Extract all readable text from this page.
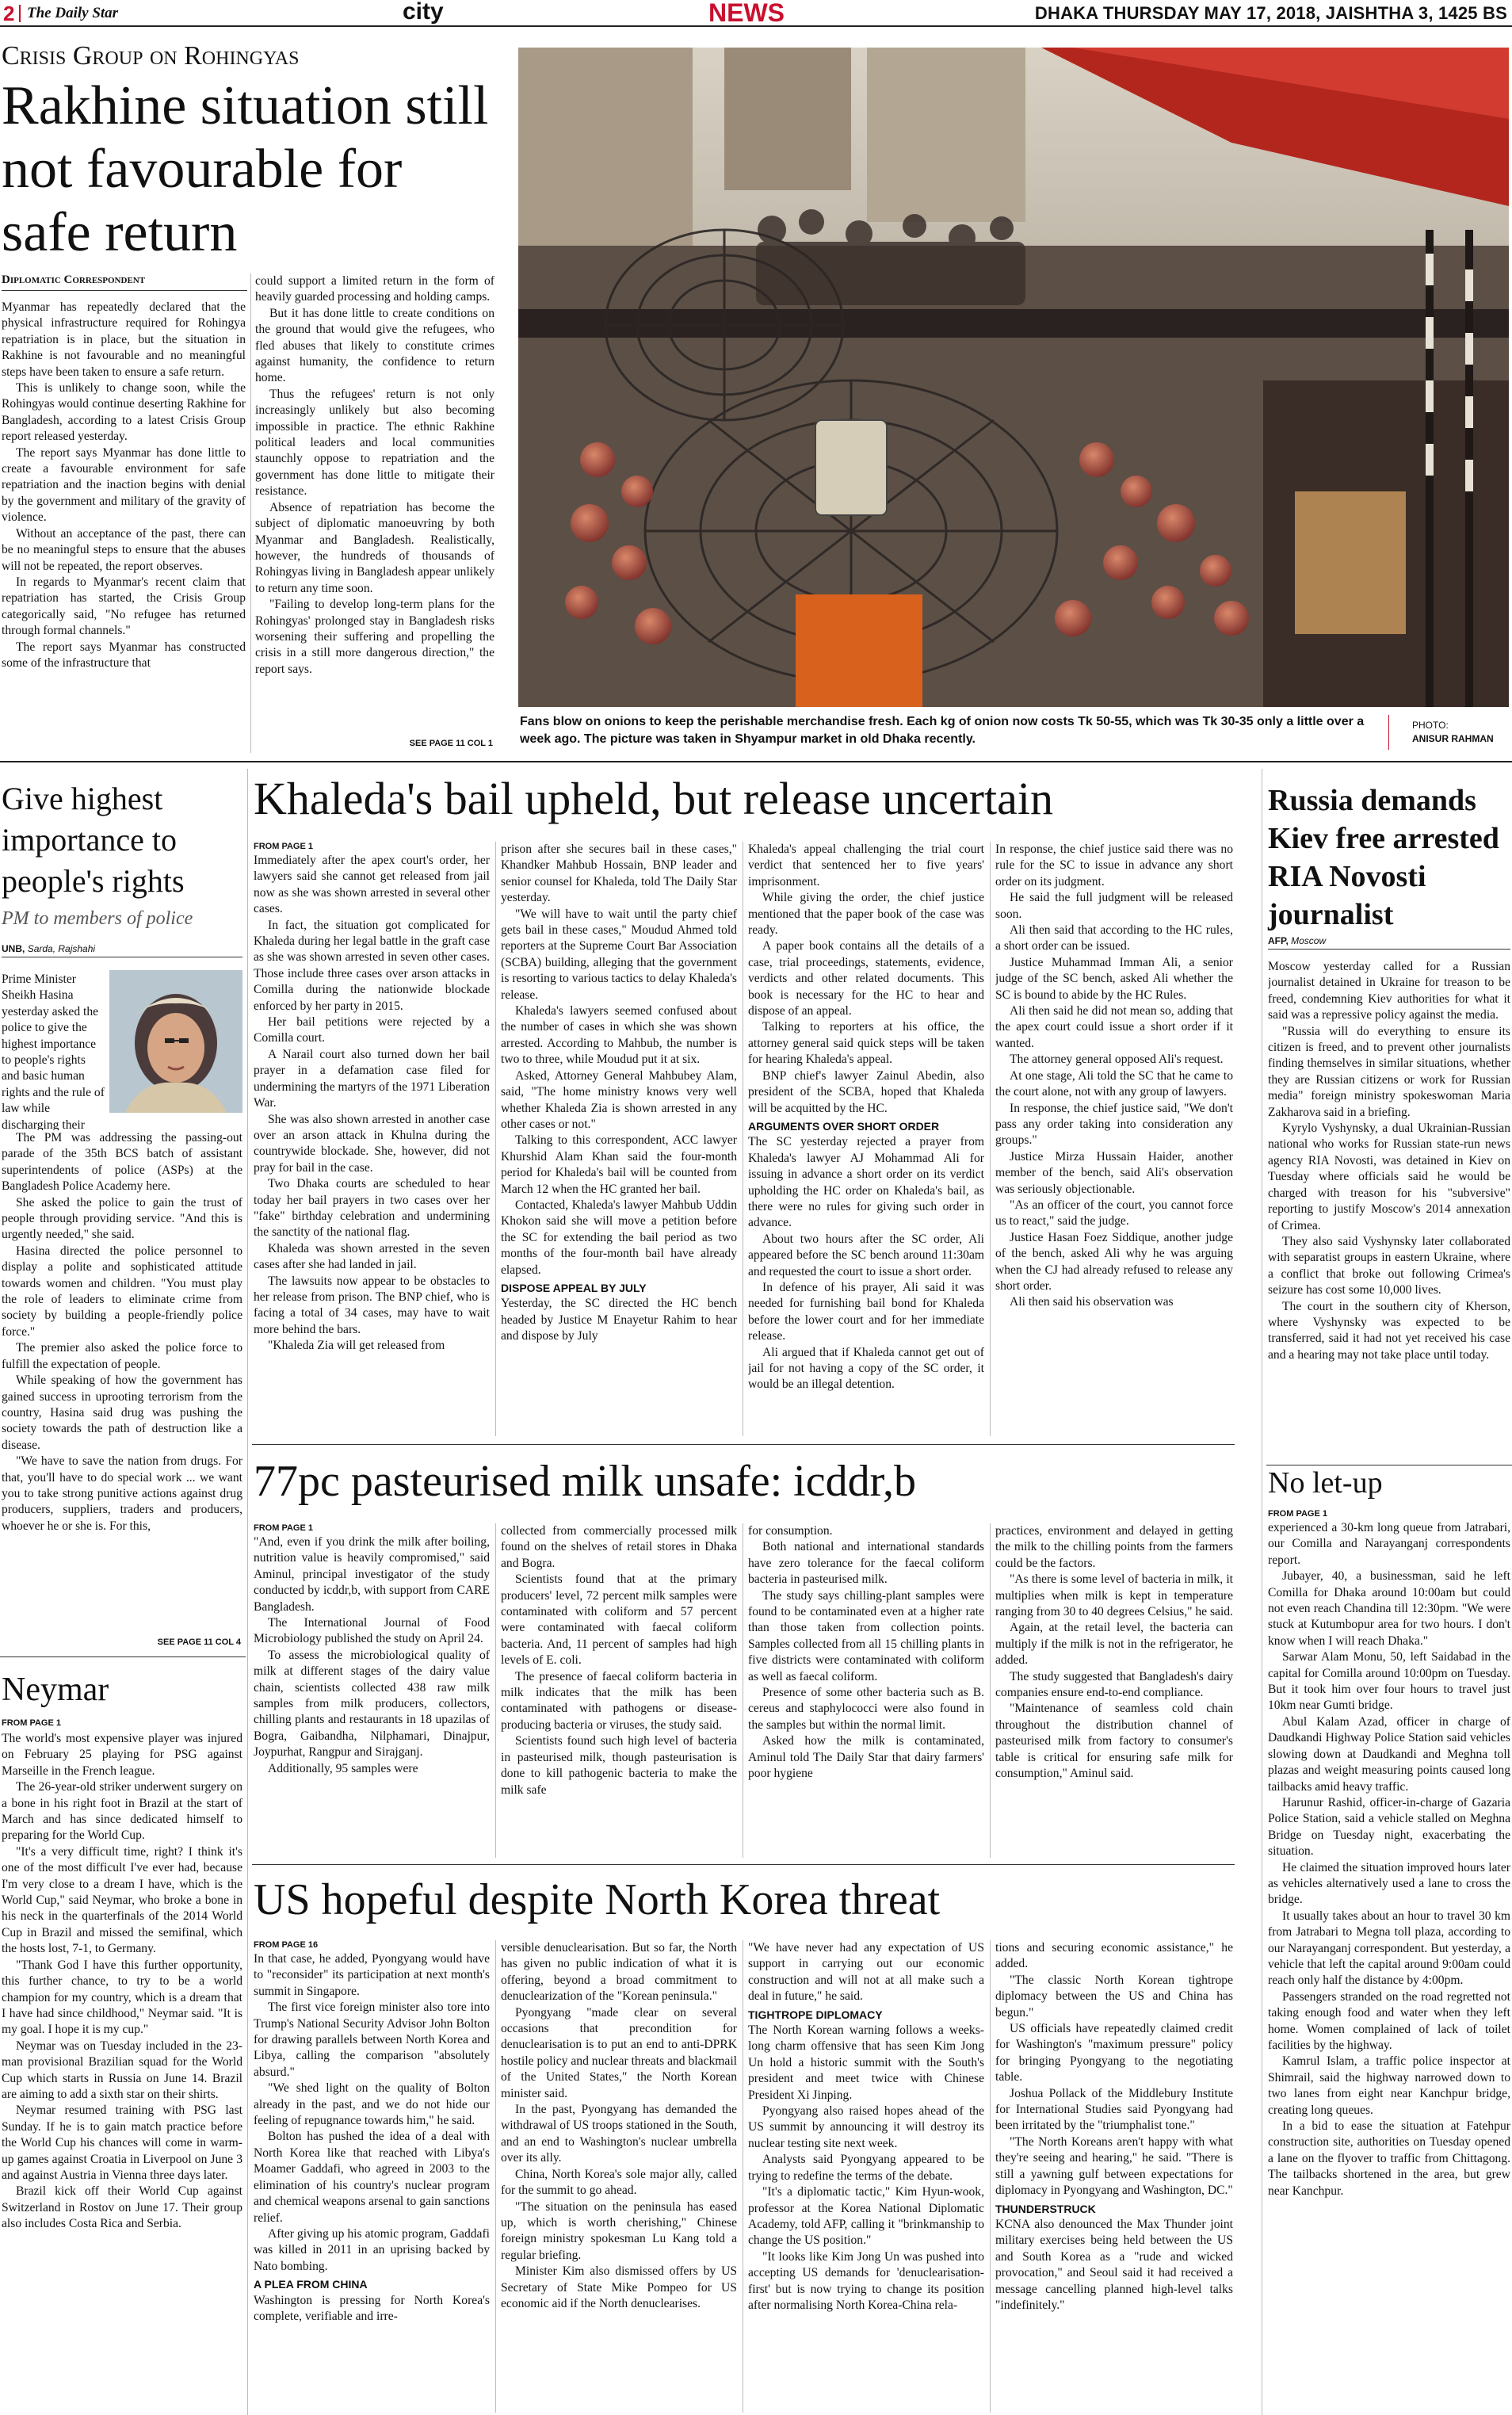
2 The Daily Star	city	NEWS	DHAKA THURSDAY MAY 17, 2018, JAISHTHA 3, 1425 BS
Crisis Group on Rohingyas
Rakhine situation still not favourable for safe return
Diplomatic Correspondent

Myanmar has repeatedly declared that the physical infrastructure required for Rohingya repatriation is in place, but the situation in Rakhine is not favourable and no meaningful steps have been taken to ensure a safe return.

This is unlikely to change soon, while the Rohingyas would continue deserting Rakhine for Bangladesh, according to a latest Crisis Group report released yesterday.

The report says Myanmar has done little to create a favourable environment for safe repatriation and the inaction begins with denial by the government and military of the gravity of violence.

Without an acceptance of the past, there can be no meaningful steps to ensure that the abuses will not be repeated, the report observes.

In regards to Myanmar's recent claim that repatriation has started, the Crisis Group categorically said, "No refugee has returned through formal channels."

The report says Myanmar has constructed some of the infrastructure that

could support a limited return in the form of heavily guarded processing and holding camps.

But it has done little to create conditions on the ground that would give the refugees, who fled abuses that likely to constitute crimes against humanity, the confidence to return home.

Thus the refugees' return is not only increasingly unlikely but also becoming impossible in practice. The ethnic Rakhine political leaders and local communities staunchly oppose to repatriation and the government has done little to mitigate their resistance.

Absence of repatriation has become the subject of diplomatic manoeuvring by both Myanmar and Bangladesh. Realistically, however, the hundreds of thousands of Rohingyas living in Bangladesh appear unlikely to return any time soon.

"Failing to develop long-term plans for the Rohingyas' prolonged stay in Bangladesh risks worsening their suffering and propelling the crisis in a still more dangerous direction," the report says.

SEE PAGE 11 COL 1
Fans blow on onions to keep the perishable merchandise fresh. Each kg of onion now costs Tk 50-55, which was Tk 30-35 only a little over a week ago. The picture was taken in Shyampur market in old Dhaka recently.
PHOTO:
ANISUR RAHMAN
Give highest importance to people's rights
PM to members of police
UNB, Sarda, Rajshahi

Prime Minister Sheikh Hasina yesterday asked the police to give the highest importance to people's rights and basic human rights and the rule of law while discharging their

The PM was addressing the passing-out parade of the 35th BCS batch of assistant superintendents of police (ASPs) at the Bangladesh Police Academy here.

She asked the police to gain the trust of people through providing service. "And this is urgently needed," she said.

Hasina directed the police personnel to display a polite and sophisticated attitude towards women and children. "You must play the role of leaders to eliminate crime from society by building a people-friendly police force."

The premier also asked the police force to fulfill the expectation of people.

While speaking of how the government has gained success in uprooting terrorism from the country, Hasina said drug was pushing the society towards the path of destruction like a disease.

"We have to save the nation from drugs. For that, you'll have to do special work ... we want you to take strong punitive actions against drug producers, suppliers, traders and producers, whoever he or she is. For this,

SEE PAGE 11 COL 4
Neymar
FROM PAGE 1

The world's most expensive player was injured on February 25 playing for PSG against Marseille in the French league.

The 26-year-old striker underwent surgery on a bone in his right foot in Brazil at the start of March and has since dedicated himself to preparing for the World Cup.

"It's a very difficult time, right? I think it's one of the most difficult I've ever had, because I'm very close to a dream I have, which is the World Cup," said Neymar, who broke a bone in his neck in the quarterfinals of the 2014 World Cup in Brazil and missed the semifinal, which the hosts lost, 7-1, to Germany.

"Thank God I have this further opportunity, this further chance, to try to be a world champion for my country, which is a dream that I have had since childhood," Neymar said. "It is my goal. I hope it is my cup."

Neymar was on Tuesday included in the 23-man provisional Brazilian squad for the World Cup which starts in Russia on June 14. Brazil are aiming to add a sixth star on their shirts.

Neymar resumed training with PSG last Sunday. If he is to gain match practice before the World Cup his chances will come in warm-up games against Croatia in Liverpool on June 3 and against Austria in Vienna three days later.

Brazil kick off their World Cup against Switzerland in Rostov on June 17. Their group also includes Costa Rica and Serbia.

Khaleda's bail upheld, but release uncertain
FROM PAGE 1

Immediately after the apex court's order, her lawyers said she cannot get released from jail now as she was shown arrested in several other cases.

In fact, the situation got complicated for Khaleda during her legal battle in the graft case as she was shown arrested in seven other cases. Those include three cases over arson attacks in Comilla during the nationwide blockade enforced by her party in 2015.

Her bail petitions were rejected by a Comilla court.

A Narail court also turned down her bail prayer in a defamation case filed for undermining the martyrs of the 1971 Liberation War.

She was also shown arrested in another case over an arson attack in Khulna during the countrywide blockade. She, however, did not pray for bail in the case.

Two Dhaka courts are scheduled to hear today her bail prayers in two cases over her "fake" birthday celebration and undermining the sanctity of the national flag.

Khaleda was shown arrested in the seven cases after she had landed in jail.

The lawsuits now appear to be obstacles to her release from prison. The BNP chief, who is facing a total of 34 cases, may have to wait more behind the bars.

"Khaleda Zia will get released from

prison after she secures bail in these cases," Khandker Mahbub Hossain, BNP leader and senior counsel for Khaleda, told The Daily Star yesterday.

"We will have to wait until the party chief gets bail in these cases," Moudud Ahmed told reporters at the Supreme Court Bar Association (SCBA) building, alleging that the government is resorting to various tactics to delay Khaleda's release.

Khaleda's lawyers seemed confused about the number of cases in which she was shown arrested. According to Mahbub, the number is two to three, while Moudud put it at six.

Asked, Attorney General Mahbubey Alam, said, "The home ministry knows very well whether Khaleda Zia is shown arrested in any other cases or not."

Talking to this correspondent, ACC lawyer Khurshid Alam Khan said the four-month period for Khaleda's bail will be counted from March 12 when the HC granted her bail.

Contacted, Khaleda's lawyer Mahbub Uddin Khokon said she will move a petition before the SC for extending the bail period as two months of the four-month bail have already elapsed.

DISPOSE APPEAL BY JULY

Yesterday, the SC directed the HC bench headed by Justice M Enayetur Rahim to hear and dispose by July

Khaleda's appeal challenging the trial court verdict that sentenced her to five years' imprisonment.

While giving the order, the chief justice mentioned that the paper book of the case was ready.

A paper book contains all the details of a case, trial proceedings, statements, evidence, verdicts and other related documents. This book is necessary for the HC to hear and dispose of an appeal.

Talking to reporters at his office, the attorney general said quick steps will be taken for hearing Khaleda's appeal.

BNP chief's lawyer Zainul Abedin, also president of the SCBA, hoped that Khaleda will be acquitted by the HC.

ARGUMENTS OVER SHORT ORDER

The SC yesterday rejected a prayer from Khaleda's lawyer AJ Mohammad Ali for issuing in advance a short order on its verdict upholding the HC order on Khaleda's bail, as there were no rules for giving such order in advance.

About two hours after the SC order, Ali appeared before the SC bench around 11:30am and requested the court to issue a short order.

In defence of his prayer, Ali said it was needed for furnishing bail bond for Khaleda before the lower court and for her immediate release.

Ali argued that if Khaleda cannot get out of jail for not having a copy of the SC order, it would be an illegal detention.

In response, the chief justice said there was no rule for the SC to issue in advance any short order on its judgment.

He said the full judgment will be released soon.

Ali then said that according to the HC rules, a short order can be issued.

Justice Muhammad Imman Ali, a senior judge of the SC bench, asked Ali whether the SC is bound to abide by the HC Rules.

Ali then said he did not mean so, adding that the apex court could issue a short order if it wanted.

The attorney general opposed Ali's request.

At one stage, Ali told the SC that he came to the court alone, not with any group of lawyers.

In response, the chief justice said, "We don't pass any order taking into consideration any groups."

Justice Mirza Hussain Haider, another member of the bench, said Ali's observation was seriously objectionable.

"As an officer of the court, you cannot force us to react," said the judge.

Justice Hasan Foez Siddique, another judge of the bench, asked Ali why he was arguing when the CJ had already refused to release any short order.

Ali then said his observation was

77pc pasteurised milk unsafe: icddr,b
FROM PAGE 1

"And, even if you drink the milk after boiling, nutrition value is heavily compromised," said Aminul, principal investigator of the study conducted by icddr,b, with support from CARE Bangladesh.

The International Journal of Food Microbiology published the study on April 24.

To assess the microbiological quality of milk at different stages of the dairy value chain, scientists collected 438 raw milk samples from milk producers, collectors, chilling plants and restaurants in 18 upazilas of Bogra, Gaibandha, Nilphamari, Dinajpur, Joypurhat, Rangpur and Sirajganj.

Additionally, 95 samples were

collected from commercially processed milk found on the shelves of retail stores in Dhaka and Bogra.

Scientists found that at the primary producers' level, 72 percent milk samples were contaminated with coliform and 57 percent were contaminated with faecal coliform bacteria. And, 11 percent of samples had high levels of E. coli.

The presence of faecal coliform bacteria in milk indicates that the milk has been contaminated with pathogens or disease-producing bacteria or viruses, the study said.

Scientists found such high level of bacteria in pasteurised milk, though pasteurisation is done to kill pathogenic bacteria to make the milk safe

for consumption.

Both national and international standards have zero tolerance for the faecal coliform bacteria in pasteurised milk.

The study says chilling-plant samples were found to be contaminated even at a higher rate than those taken from collection points. Samples collected from all 15 chilling plants in five districts were contaminated with coliform as well as faecal coliform.

Presence of some other bacteria such as B. cereus and staphylococci were also found in the samples but within the normal limit.

Asked how the milk is contaminated, Aminul told The Daily Star that dairy farmers' poor hygiene

practices, environment and delayed in getting the milk to the chilling points from the farmers could be the factors.

"As there is some level of bacteria in milk, it multiplies when milk is kept in temperature ranging from 30 to 40 degrees Celsius," he said.

Again, at the retail level, the bacteria can multiply if the milk is not in the refrigerator, he added.

The study suggested that Bangladesh's dairy companies ensure end-to-end compliance.

"Maintenance of seamless cold chain throughout the distribution channel of pasteurised milk from factory to consumer's table is critical for ensuring safe milk for consumption," Aminul said.

US hopeful despite North Korea threat
FROM PAGE 16

In that case, he added, Pyongyang would have to "reconsider" its participation at next month's summit in Singapore.

The first vice foreign minister also tore into Trump's National Security Advisor John Bolton for drawing parallels between North Korea and Libya, calling the comparison "absolutely absurd."

"We shed light on the quality of Bolton already in the past, and we do not hide our feeling of repugnance towards him," he said.

Bolton has pushed the idea of a deal with North Korea like that reached with Libya's Moamer Gaddafi, who agreed in 2003 to the elimination of his country's nuclear program and chemical weapons arsenal to gain sanctions relief.

After giving up his atomic program, Gaddafi was killed in 2011 in an uprising backed by Nato bombing.

A PLEA FROM CHINA

Washington is pressing for North Korea's complete, verifiable and irre-

versible denuclearisation. But so far, the North has given no public indication of what it is offering, beyond a broad commitment to denuclearization of the "Korean peninsula."

Pyongyang "made clear on several occasions that precondition for denuclearisation is to put an end to anti-DPRK hostile policy and nuclear threats and blackmail of the United States," the North Korean minister said.

In the past, Pyongyang has demanded the withdrawal of US troops stationed in the South, and an end to Washington's nuclear umbrella over its ally.

China, North Korea's sole major ally, called for the summit to go ahead.

"The situation on the peninsula has eased up, which is worth cherishing," Chinese foreign ministry spokesman Lu Kang told a regular briefing.

Minister Kim also dismissed offers by US Secretary of State Mike Pompeo for US economic aid if the North denuclearises.

"We have never had any expectation of US support in carrying out our economic construction and will not at all make such a deal in future," he said.

TIGHTROPE DIPLOMACY

The North Korean warning follows a weeks-long charm offensive that has seen Kim Jong Un hold a historic summit with the South's president and meet twice with Chinese President Xi Jinping.

Pyongyang also raised hopes ahead of the US summit by announcing it will destroy its nuclear testing site next week.

Analysts said Pyongyang appeared to be trying to redefine the terms of the debate.

"It's a diplomatic tactic," Kim Hyun-wook, professor at the Korea National Diplomatic Academy, told AFP, calling it "brinkmanship to change the US position."

"It looks like Kim Jong Un was pushed into accepting US demands for 'denuclearisation-first' but is now trying to change its position after normalising North Korea-China rela-

tions and securing economic assistance," he added.

"The classic North Korean tightrope diplomacy between the US and China has begun."

US officials have repeatedly claimed credit for Washington's "maximum pressure" policy for bringing Pyongyang to the negotiating table.

Joshua Pollack of the Middlebury Institute for International Studies said Pyongyang had been irritated by the "triumphalist tone."

"The North Koreans aren't happy with what they're seeing and hearing," he said. "There is still a yawning gulf between expectations for diplomacy in Pyongyang and Washington, DC."

THUNDERSTRUCK

KCNA also denounced the Max Thunder joint military exercises being held between the US and South Korea as a "rude and wicked provocation," and Seoul said it had received a message cancelling planned high-level talks "indefinitely."

Russia demands Kiev free arrested RIA Novosti journalist
AFP, Moscow

Moscow yesterday called for a Russian journalist detained in Ukraine for treason to be freed, condemning Kiev authorities for what it said was a repressive policy against the media.

"Russia will do everything to ensure its citizen is freed, and to prevent other journalists finding themselves in similar situations, whether they are Russian citizens or work for Russian media" foreign ministry spokeswoman Maria Zakharova said in a briefing.

Kyrylo Vyshynsky, a dual Ukrainian-Russian national who works for Russian state-run news agency RIA Novosti, was detained in Kiev on Tuesday where officials said he would be charged with treason for his "subversive" reporting to justify Moscow's 2014 annexation of Crimea.

They also said Vyshynsky later collaborated with separatist groups in eastern Ukraine, where a conflict that broke out following Crimea's seizure has cost some 10,000 lives.

The court in the southern city of Kherson, where Vyshynsky was expected to be transferred, said it had not yet received his case and a hearing may not take place until today.

No let-up
FROM PAGE 1

experienced a 30-km long queue from Jatrabari, our Comilla and Narayanganj correspondents report.

Jubayer, 40, a businessman, said he left Comilla for Dhaka around 10:00am but could not even reach Chandina till 12:30pm. "We were stuck at Kutumbopur area for two hours. I don't know when I will reach Dhaka."

Sarwar Alam Monu, 50, left Saidabad in the capital for Comilla around 10:00pm on Tuesday. But it took him over four hours to travel just 10km near Gumti bridge.

Abul Kalam Azad, officer in charge of Daudkandi Highway Police Station said vehicles slowing down at Daudkandi and Meghna toll plazas and weight measuring points caused long tailbacks amid heavy traffic.

Harunur Rashid, officer-in-charge of Gazaria Police Station, said a vehicle stalled on Meghna Bridge on Tuesday night, exacerbating the situation.

He claimed the situation improved hours later as vehicles alternatively used a lane to cross the bridge.

It usually takes about an hour to travel 30 km from Jatrabari to Megna toll plaza, according to our Narayanganj correspondent. But yesterday, a vehicle that left the capital around 9:00am could reach only half the distance by 4:00pm.

Passengers stranded on the road regretted not taking enough food and water when they left home. Women complained of lack of toilet facilities by the highway.

Kamrul Islam, a traffic police inspector at Shimrail, said the highway narrowed down to two lanes from eight near Kanchpur bridge, creating long queues.

In a bid to ease the situation at Fatehpur construction site, authorities on Tuesday opened a lane on the flyover to traffic from Chittagong. The tailbacks shortened in the area, but grew near Kanchpur.
